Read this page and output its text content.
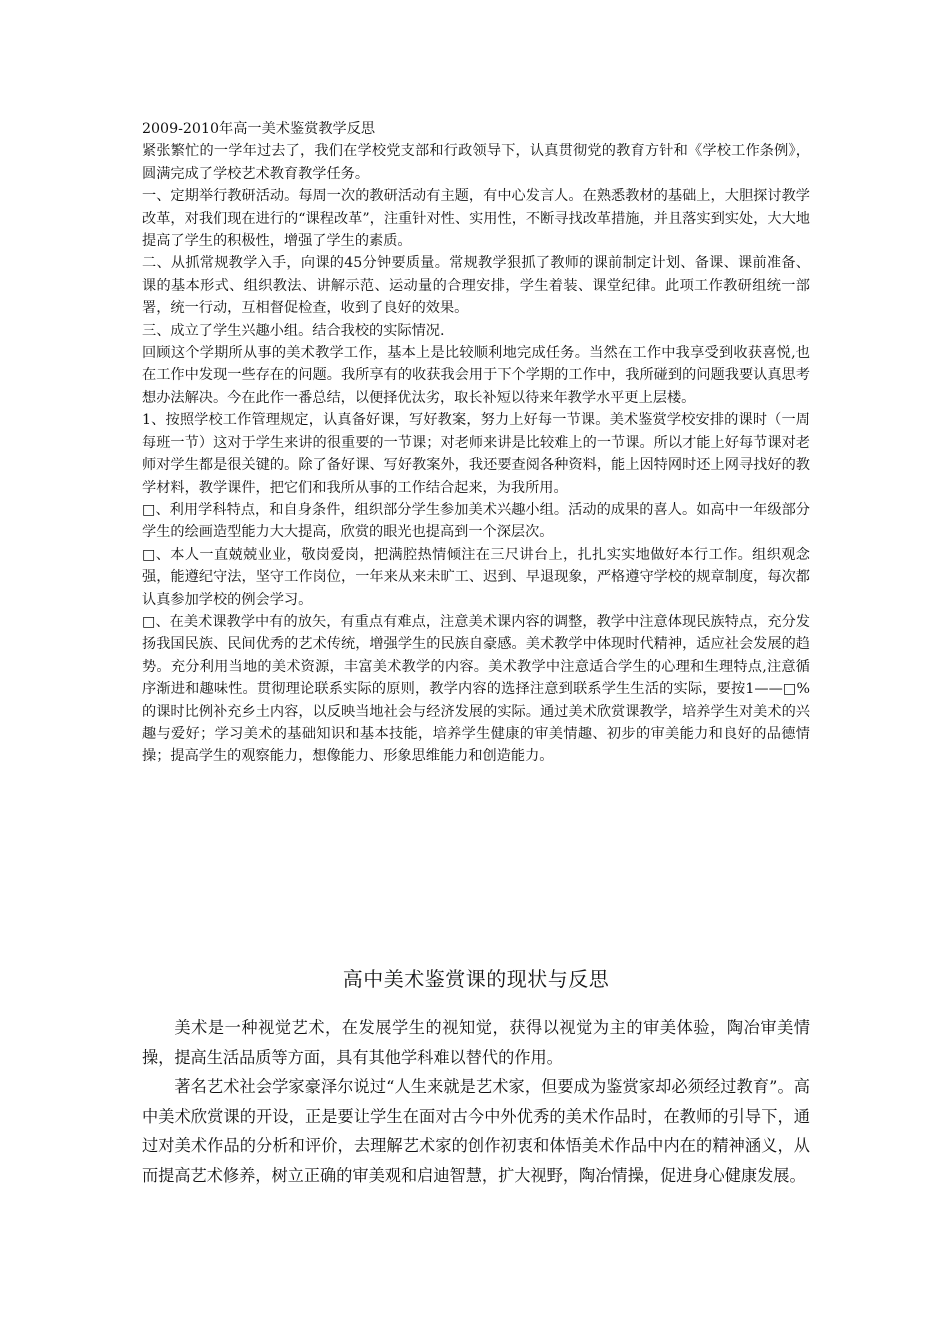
2009-2010年高一美术鉴赏教学反思

紧张繁忙的一学年过去了，我们在学校党支部和行政领导下，认真贯彻党的教育方针和《学校工作条例》，圆满完成了学校艺术教育教学任务。

一、定期举行教研活动。每周一次的教研活动有主题，有中心发言人。在熟悉教材的基础上，大胆探讨教学改革，对我们现在进行的“课程改革”，注重针对性、实用性，不断寻找改革措施，并且落实到实处，大大地提高了学生的积极性，增强了学生的素质。

二、从抓常规教学入手，向课的45分钟要质量。常规教学狠抓了教师的课前制定计划、备课、课前准备、课的基本形式、组织教法、讲解示范、运动量的合理安排，学生着装、课堂纪律。此项工作教研组统一部署，统一行动，互相督促检查，收到了良好的效果。

三、成立了学生兴趣小组。结合我校的实际情况.

回顾这个学期所从事的美术教学工作，基本上是比较顺利地完成任务。当然在工作中我享受到收获喜悦,也在工作中发现一些存在的问题。我所享有的收获我会用于下个学期的工作中，我所碰到的问题我要认真思考想办法解决。今在此作一番总结，以便择优汰劣，取长补短以待来年教学水平更上层楼。

1、按照学校工作管理规定，认真备好课，写好教案，努力上好每一节课。美术鉴赏学校安排的课时（一周每班一节）这对于学生来讲的很重要的一节课；对老师来讲是比较难上的一节课。所以才能上好每节课对老师对学生都是很关键的。除了备好课、写好教案外，我还要查阅各种资料，能上因特网时还上网寻找好的教学材料，教学课件，把它们和我所从事的工作结合起来，为我所用。

□、利用学科特点，和自身条件，组织部分学生参加美术兴趣小组。活动的成果的喜人。如高中一年级部分学生的绘画造型能力大大提高，欣赏的眼光也提高到一个深层次。

□、本人一直兢兢业业，敬岗爱岗，把满腔热情倾注在三尺讲台上，扎扎实实地做好本行工作。组织观念强，能遵纪守法，坚守工作岗位，一年来从来未旷工、迟到、早退现象，严格遵守学校的规章制度，每次都认真参加学校的例会学习。

□、在美术课教学中有的放矢，有重点有难点，注意美术课内容的调整，教学中注意体现民族特点，充分发扬我国民族、民间优秀的艺术传统，增强学生的民族自豪感。美术教学中体现时代精神，适应社会发展的趋势。充分利用当地的美术资源，丰富美术教学的内容。美术教学中注意适合学生的心理和生理特点,注意循序渐进和趣味性。贯彻理论联系实际的原则，教学内容的选择注意到联系学生生活的实际，要按1——□%的课时比例补充乡土内容，以反映当地社会与经济发展的实际。通过美术欣赏课教学，培养学生对美术的兴趣与爱好；学习美术的基础知识和基本技能，培养学生健康的审美情趣、初步的审美能力和良好的品德情操；提高学生的观察能力，想像能力、形象思维能力和创造能力。

高中美术鉴赏课的现状与反思

美术是一种视觉艺术，在发展学生的视知觉，获得以视觉为主的审美体验，陶冶审美情操，提高生活品质等方面，具有其他学科难以替代的作用。

著名艺术社会学家豪泽尔说过“人生来就是艺术家，但要成为鉴赏家却必须经过教育”。高中美术欣赏课的开设，正是要让学生在面对古今中外优秀的美术作品时，在教师的引导下，通过对美术作品的分析和评价，去理解艺术家的创作初衷和体悟美术作品中内在的精神涵义，从而提高艺术修养，树立正确的审美观和启迪智慧，扩大视野，陶冶情操，促进身心健康发展。
